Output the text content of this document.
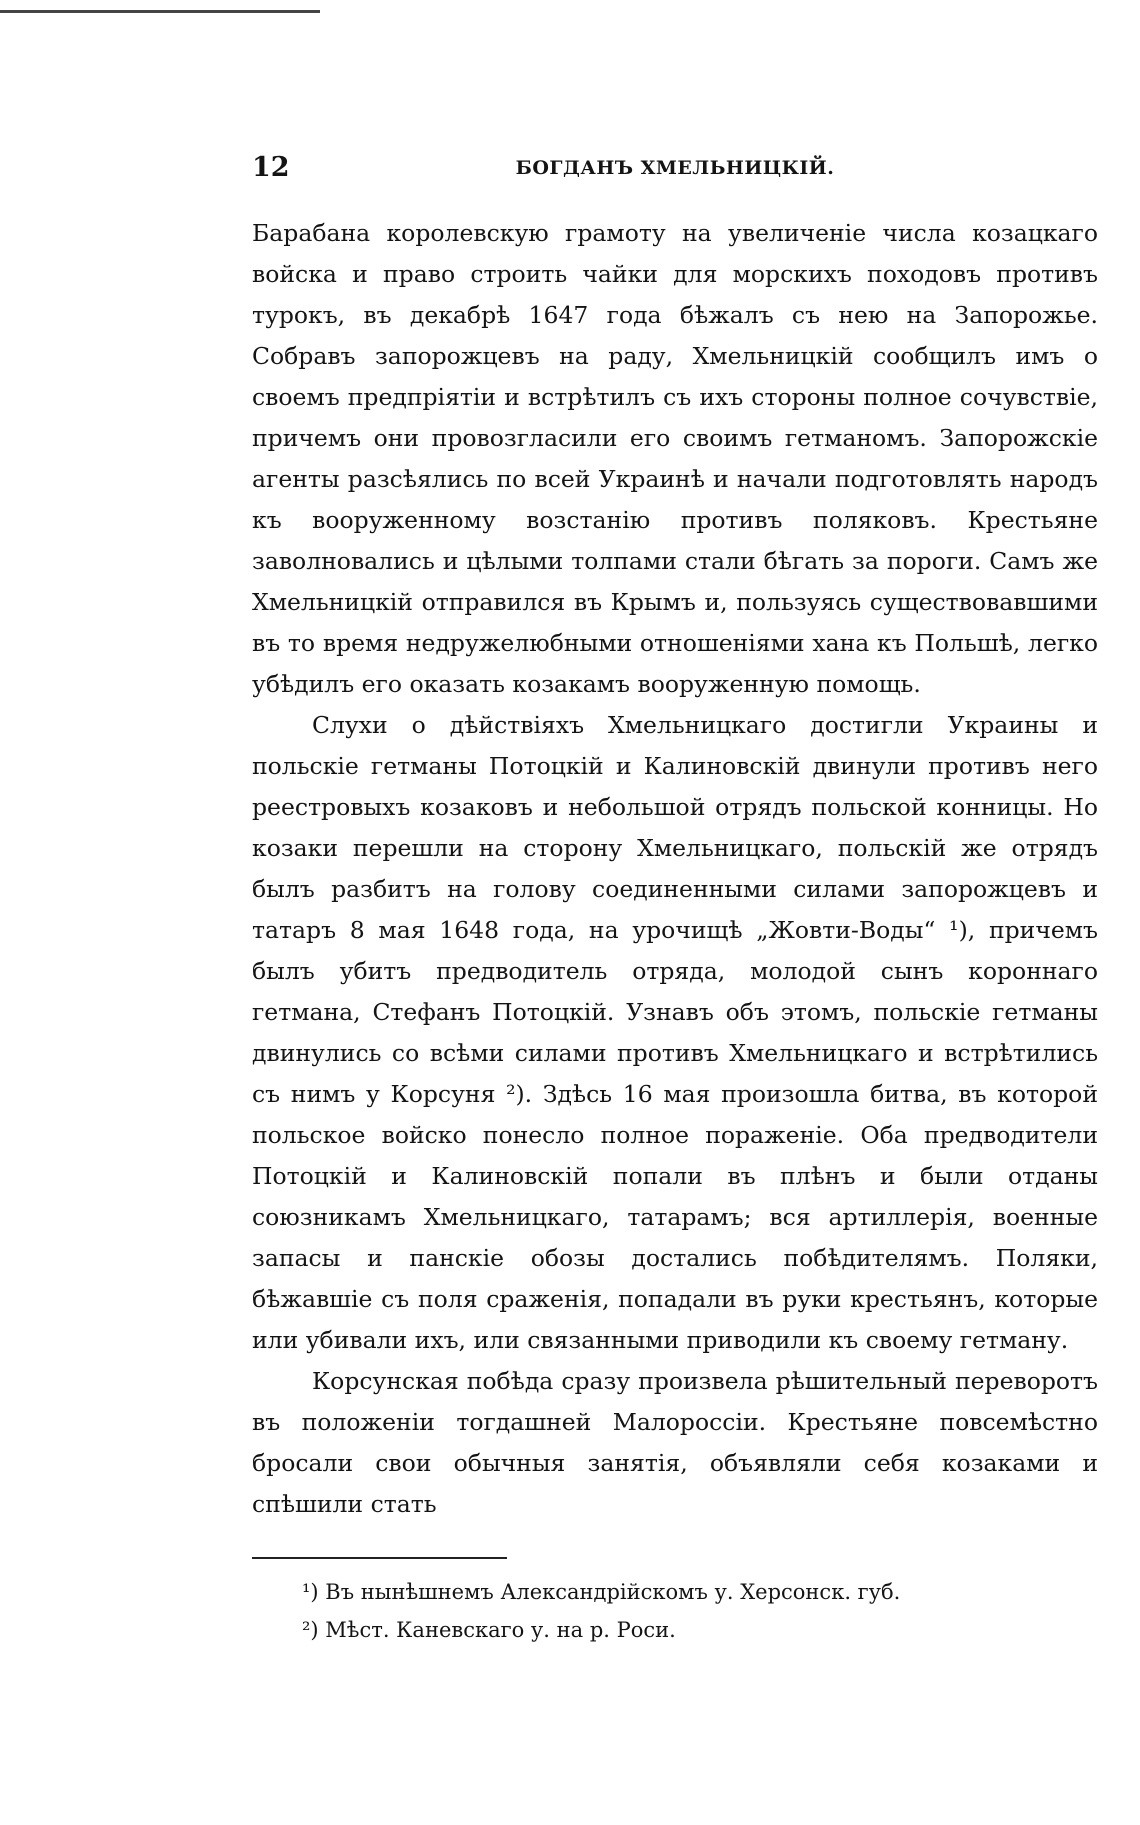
12	БОГДАНЪ ХМЕЛЬНИЦКІЙ.

Барабана королевскую грамоту на увеличеніе числа козацкаго войска и право строить чайки для морскихъ походовъ противъ турокъ, въ декабрѣ 1647 года бѣжалъ съ нею на Запорожье. Собравъ запорожцевъ на раду, Хмельницкій сообщилъ имъ о своемъ предпріятіи и встрѣтилъ съ ихъ стороны полное сочувствіе, причемъ они провозгласили его своимъ гетманомъ. Запорожскіе агенты разсѣялись по всей Украинѣ и начали подготовлять народъ къ вооруженному возстанію противъ поляковъ. Крестьяне заволновались и цѣлыми толпами стали бѣгать за пороги. Самъ же Хмельницкій отправился въ Крымъ и, пользуясь существовавшими въ то время недружелюбными отношеніями хана къ Польшѣ, легко убѣдилъ его оказать козакамъ вооруженную помощь.

Слухи о дѣйствіяхъ Хмельницкаго достигли Украины и польскіе гетманы Потоцкій и Калиновскій двинули противъ него реестровыхъ козаковъ и небольшой отрядъ польской конницы. Но козаки перешли на сторону Хмельницкаго, польскій же отрядъ былъ разбитъ на голову соединенными силами запорожцевъ и татаръ 8 мая 1648 года, на урочищѣ „Жовти-Воды“ ¹), причемъ былъ убитъ предводитель отряда, молодой сынъ короннаго гетмана, Стефанъ Потоцкій. Узнавъ объ этомъ, польскіе гетманы двинулись со всѣми силами противъ Хмельницкаго и встрѣтились съ нимъ у Корсуня ²). Здѣсь 16 мая произошла битва, въ которой польское войско понесло полное пораженіе. Оба предводители Потоцкій и Калиновскій попали въ плѣнъ и были отданы союзникамъ Хмельницкаго, татарамъ; вся артиллерія, военные запасы и панскіе обозы достались побѣдителямъ. Поляки, бѣжавшіе съ поля сраженія, попадали въ руки крестьянъ, которые или убивали ихъ, или связанными приводили къ своему гетману.

Корсунская побѣда сразу произвела рѣшительный переворотъ въ положеніи тогдашней Малороссіи. Крестьяне повсемѣстно бросали свои обычныя занятія, объявляли себя козаками и спѣшили стать

¹) Въ нынѣшнемъ Александрійскомъ у. Херсонск. губ.
²) Мѣст. Каневскаго у. на р. Роси.
